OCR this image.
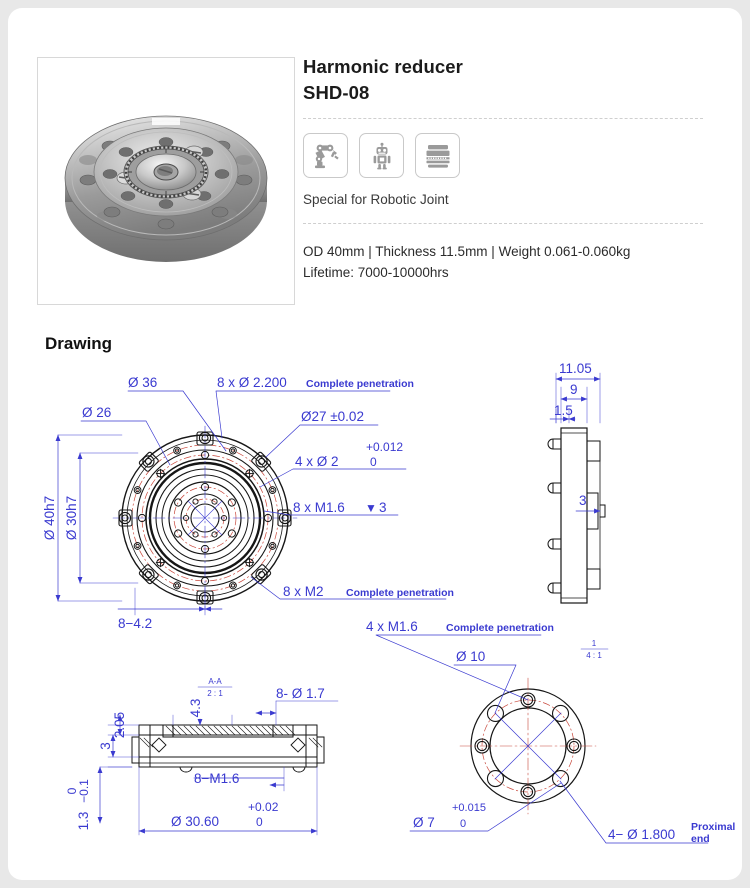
Harmonic reducer
SHD-08
Special for Robotic Joint
OD 40mm | Thickness 11.5mm | Weight 0.061-0.060kg
Lifetime: 7000-10000hrs
Drawing
Ø 36
Ø 26
8 x Ø 2.200 Complete penetration
Ø27 ±0.02
+0.012
4 x Ø 2	0
8 x M1.6 ▼ 3
8 x M2 Complete penetration
8−4.2
Ø 40h7 Ø 30h7
11.05
9
1.5
3
A-A
2 : 1
2.05
3
4.3
8- Ø 1.7
8−M1.6
Ø 30.60
+0.02
0
1.3
−0.1
0
4 x M1.6	Complete penetration
1
4 : 1
Ø 10
Ø 7
+0.015
0
4− Ø 1.800 Proximal
end
